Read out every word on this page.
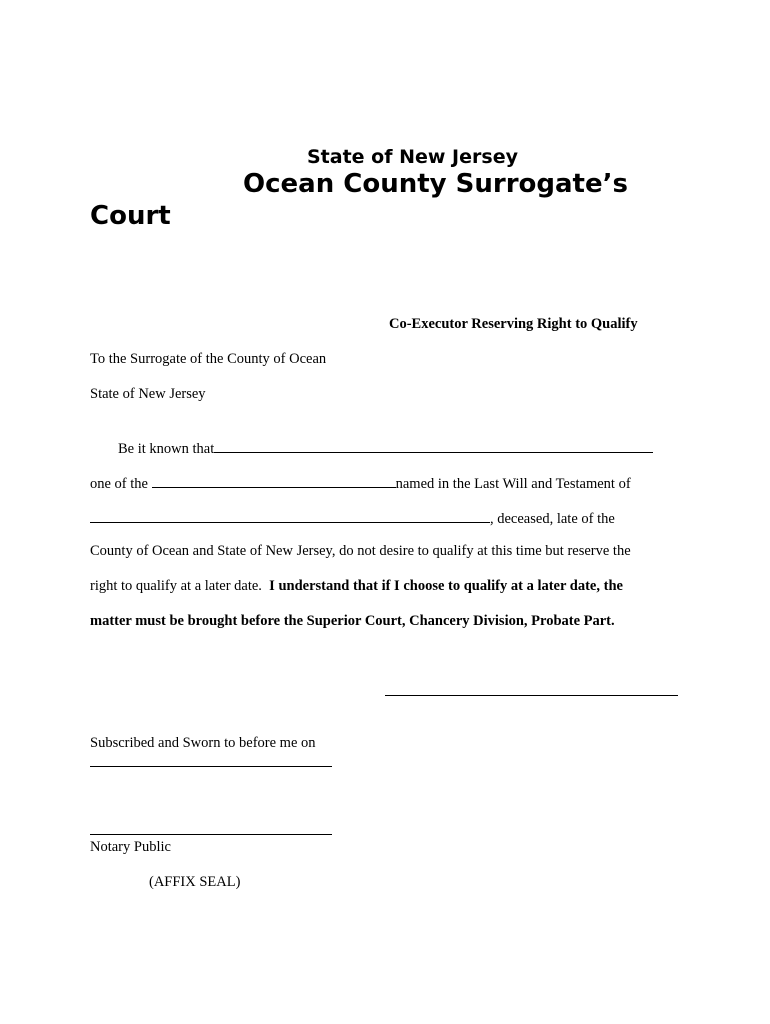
State of New Jersey
Ocean County Surrogate’s
Court
Co-Executor Reserving Right to Qualify
To the Surrogate of the County of Ocean
State of New Jersey
Be it known that
one of the	named in the Last Will and Testament of
, deceased, late of the
County of Ocean and State of New Jersey, do not desire to qualify at this time but reserve the
right to qualify at a later date.  I understand that if I choose to qualify at a later date, the
matter must be brought before the Superior Court, Chancery Division, Probate Part.
Subscribed and Sworn to before me on
Notary Public
(AFFIX SEAL)
